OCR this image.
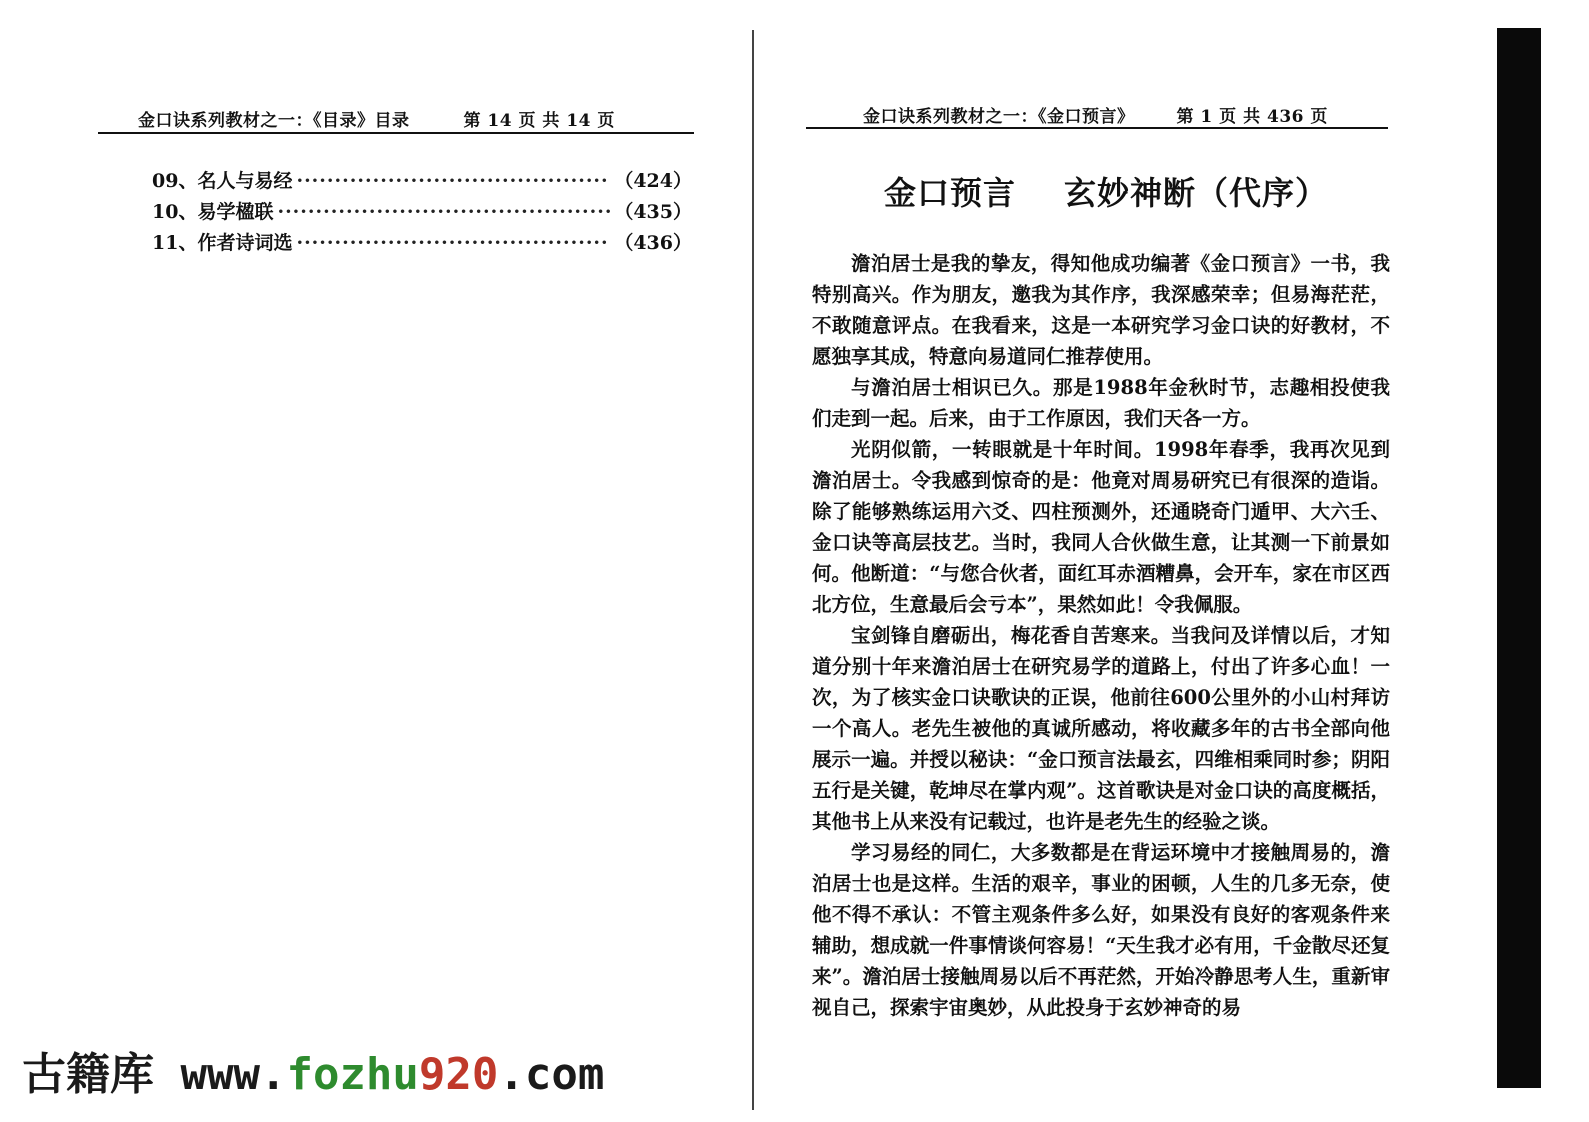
金口诀系列教材之一：《目录》目录	第 14 页 共 14 页
09、名人与易经 ·····	（424）
10、易学楹联 ·····	（435）
11、作者诗词选 ·····	（436）
金口诀系列教材之一：《金口预言》 第 1 页 共 436 页
金口预言 玄妙神断（代序）

澹泊居士是我的挚友，得知他成功编著《金口预言》一书，我特别高兴。作为朋友，邀我为其作序，我深感荣幸；但易海茫茫，不敢随意评点。在我看来，这是一本研究学习金口诀的好教材，不愿独享其成，特意向易道同仁推荐使用。

与澹泊居士相识已久。那是1988年金秋时节，志趣相投使我们走到一起。后来，由于工作原因，我们天各一方。

光阴似箭，一转眼就是十年时间。1998年春季，我再次见到澹泊居士。令我感到惊奇的是：他竟对周易研究已有很深的造诣。除了能够熟练运用六爻、四柱预测外，还通晓奇门遁甲、大六壬、金口诀等高层技艺。当时，我同人合伙做生意，让其测一下前景如何。他断道：“与您合伙者，面红耳赤酒糟鼻，会开车，家在市区西北方位，生意最后会亏本”，果然如此！令我佩服。

宝剑锋自磨砺出，梅花香自苦寒来。当我问及详情以后，才知道分别十年来澹泊居士在研究易学的道路上，付出了许多心血！一次，为了核实金口诀歌诀的正误，他前往600公里外的小山村拜访一个高人。老先生被他的真诚所感动，将收藏多年的古书全部向他展示一遍。并授以秘诀：“金口预言法最玄，四维相乘同时参；阴阳五行是关键，乾坤尽在掌内观”。这首歌诀是对金口诀的高度概括，其他书上从来没有记载过，也许是老先生的经验之谈。

学习易经的同仁，大多数都是在背运环境中才接触周易的，澹泊居士也是这样。生活的艰辛，事业的困顿，人生的几多无奈，使他不得不承认：不管主观条件多么好，如果没有良好的客观条件来辅助，想成就一件事情谈何容易！“天生我才必有用，千金散尽还复来”。澹泊居士接触周易以后不再茫然，开始冷静思考人生，重新审视自己，探索宇宙奥妙，从此投身于玄妙神奇的易

古籍库 www.fozhu920.com
